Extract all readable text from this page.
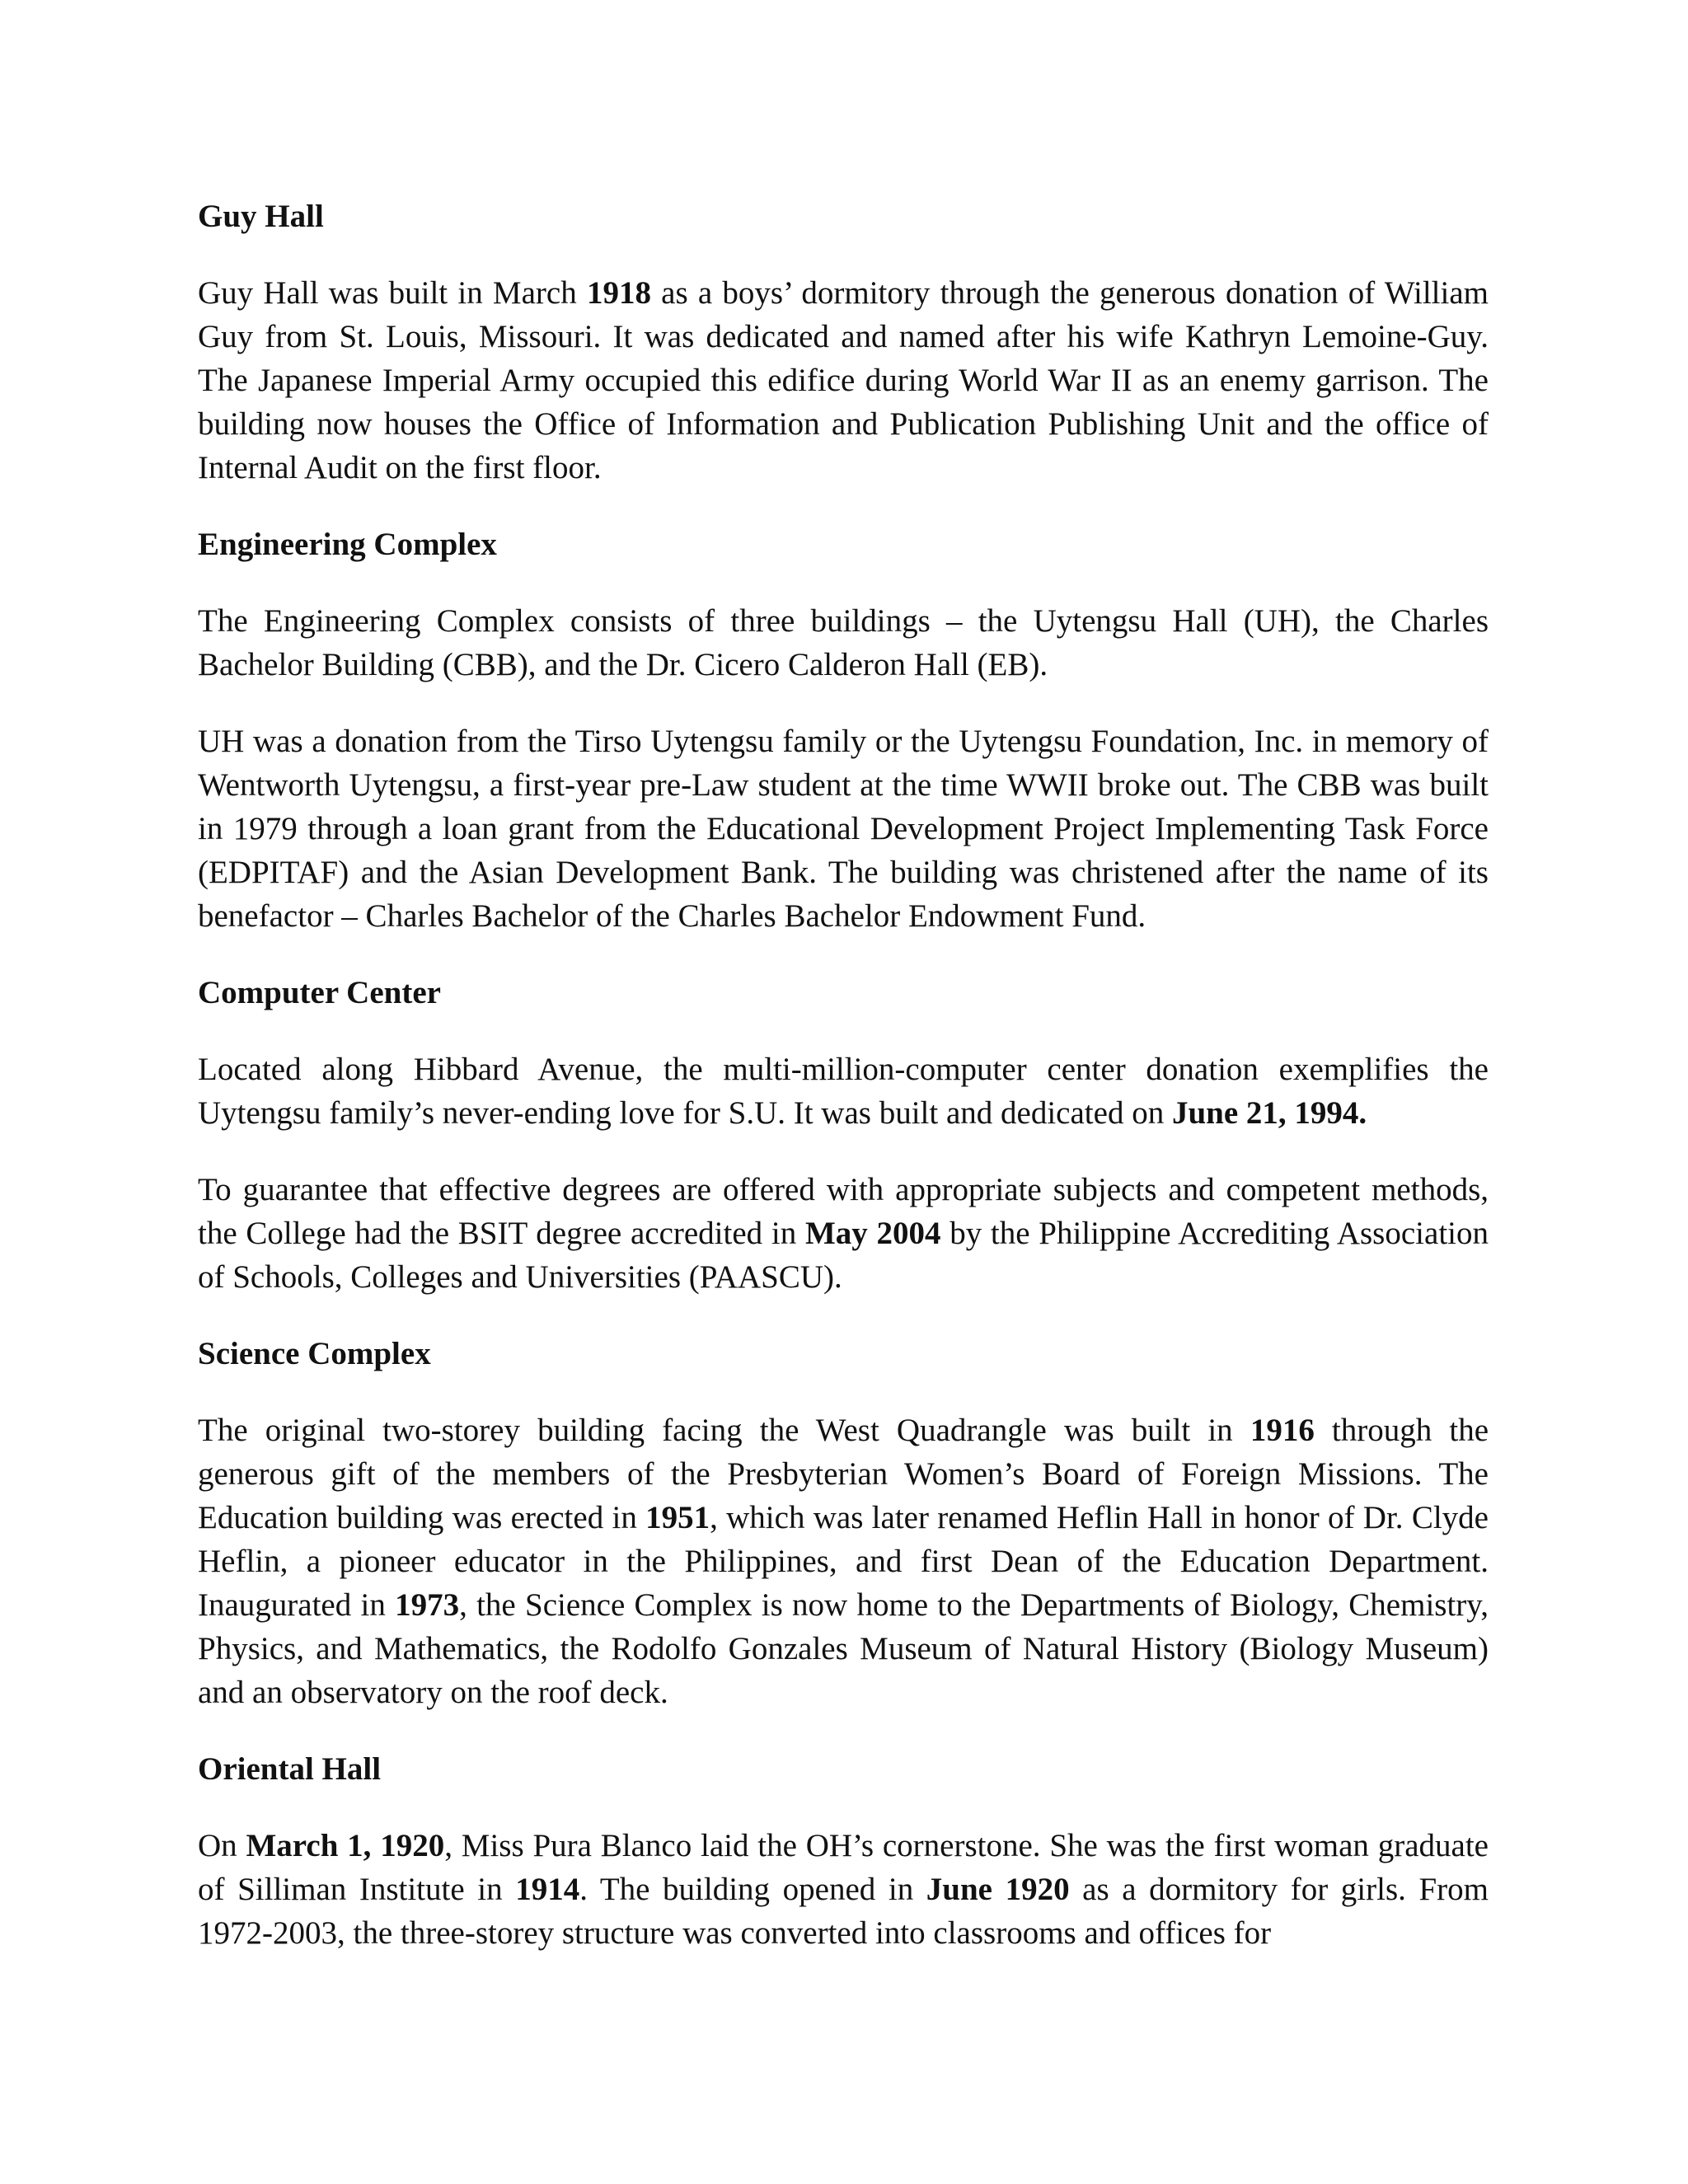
Guy Hall

Guy Hall was built in March 1918 as a boys’ dormitory through the generous donation of William Guy from St. Louis, Missouri. It was dedicated and named after his wife Kathryn Lemoine-Guy. The Japanese Imperial Army occupied this edifice during World War II as an enemy garrison. The building now houses the Office of Information and Publication Publishing Unit and the office of Internal Audit on the first floor.

Engineering Complex

The Engineering Complex consists of three buildings – the Uytengsu Hall (UH), the Charles Bachelor Building (CBB), and the Dr. Cicero Calderon Hall (EB).

UH was a donation from the Tirso Uytengsu family or the Uytengsu Foundation, Inc. in memory of Wentworth Uytengsu, a first-year pre-Law student at the time WWII broke out. The CBB was built in 1979 through a loan grant from the Educational Development Project Implementing Task Force (EDPITAF) and the Asian Development Bank. The building was christened after the name of its benefactor – Charles Bachelor of the Charles Bachelor Endowment Fund.

Computer Center

Located along Hibbard Avenue, the multi-million-computer center donation exemplifies the Uytengsu family’s never-ending love for S.U. It was built and dedicated on June 21, 1994.

To guarantee that effective degrees are offered with appropriate subjects and competent methods, the College had the BSIT degree accredited in May 2004 by the Philippine Accrediting Association of Schools, Colleges and Universities (PAASCU).

Science Complex

The original two-storey building facing the West Quadrangle was built in 1916 through the generous gift of the members of the Presbyterian Women’s Board of Foreign Missions. The Education building was erected in 1951, which was later renamed Heflin Hall in honor of Dr. Clyde Heflin, a pioneer educator in the Philippines, and first Dean of the Education Department. Inaugurated in 1973, the Science Complex is now home to the Departments of Biology, Chemistry, Physics, and Mathematics, the Rodolfo Gonzales Museum of Natural History (Biology Museum) and an observatory on the roof deck.

Oriental Hall

On March 1, 1920, Miss Pura Blanco laid the OH’s cornerstone. She was the first woman graduate of Silliman Institute in 1914. The building opened in June 1920 as a dormitory for girls. From 1972-2003, the three-storey structure was converted into classrooms and offices for
